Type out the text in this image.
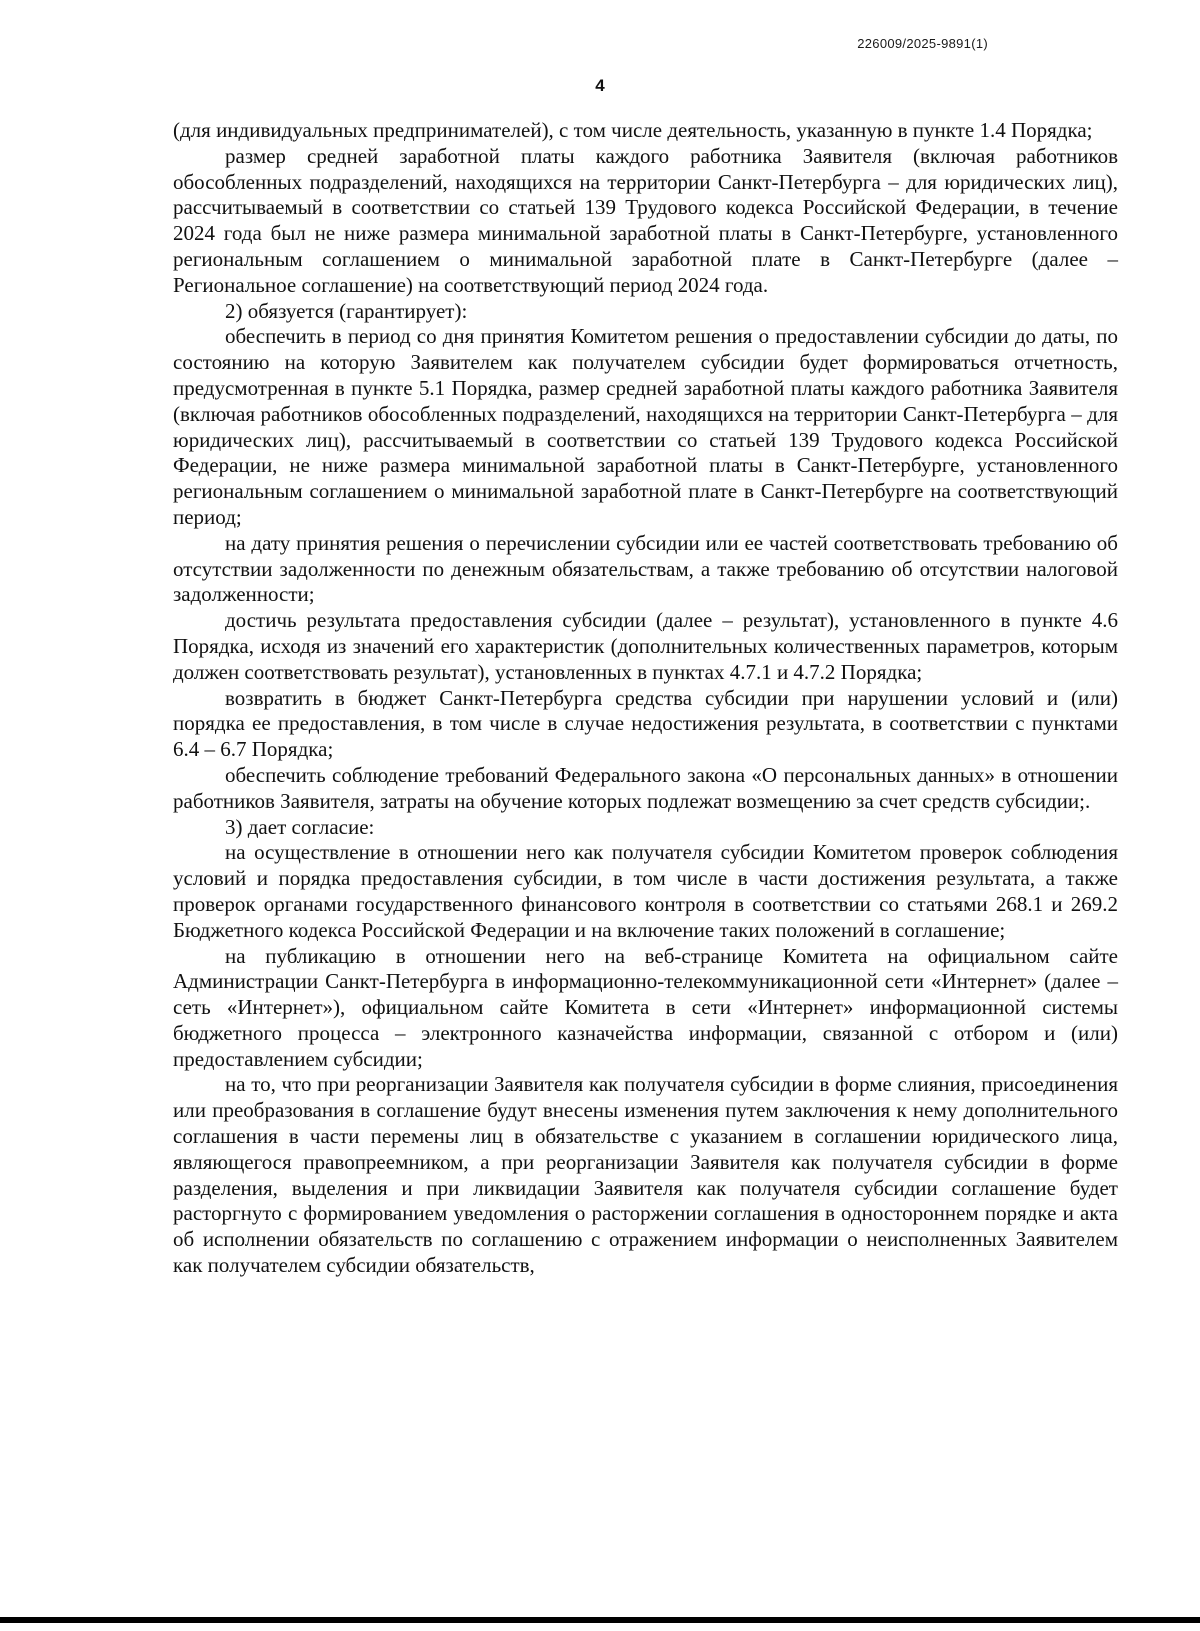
226009/2025-9891(1)
4

(для индивидуальных предпринимателей), с том числе деятельность, указанную в пункте 1.4 Порядка;

размер средней заработной платы каждого работника Заявителя (включая работников обособленных подразделений, находящихся на территории Санкт-Петербурга – для юридических лиц), рассчитываемый в соответствии со статьей 139 Трудового кодекса Российской Федерации, в течение 2024 года был не ниже размера минимальной заработной платы в Санкт-Петербурге, установленного региональным соглашением о минимальной заработной плате в Санкт-Петербурге (далее – Региональное соглашение) на соответствующий период 2024 года.

2) обязуется (гарантирует):

обеспечить в период со дня принятия Комитетом решения о предоставлении субсидии до даты, по состоянию на которую Заявителем как получателем субсидии будет формироваться отчетность, предусмотренная в пункте 5.1 Порядка, размер средней заработной платы каждого работника Заявителя (включая работников обособленных подразделений, находящихся на территории Санкт-Петербурга – для юридических лиц), рассчитываемый в соответствии со статьей 139 Трудового кодекса Российской Федерации, не ниже размера минимальной заработной платы в Санкт-Петербурге, установленного региональным соглашением о минимальной заработной плате в Санкт-Петербурге на соответствующий период;

на дату принятия решения о перечислении субсидии или ее частей соответствовать требованию об отсутствии задолженности по денежным обязательствам, а также требованию об отсутствии налоговой задолженности;

достичь результата предоставления субсидии (далее – результат), установленного в пункте 4.6 Порядка, исходя из значений его характеристик (дополнительных количественных параметров, которым должен соответствовать результат), установленных в пунктах 4.7.1 и 4.7.2 Порядка;

возвратить в бюджет Санкт-Петербурга средства субсидии при нарушении условий и (или) порядка ее предоставления, в том числе в случае недостижения результата, в соответствии с пунктами 6.4 – 6.7 Порядка;

обеспечить соблюдение требований Федерального закона «О персональных данных» в отношении работников Заявителя, затраты на обучение которых подлежат возмещению за счет средств субсидии;.

3) дает согласие:

на осуществление в отношении него как получателя субсидии Комитетом проверок соблюдения условий и порядка предоставления субсидии, в том числе в части достижения результата, а также проверок органами государственного финансового контроля в соответствии со статьями 268.1 и 269.2 Бюджетного кодекса Российской Федерации и на включение таких положений в соглашение;

на публикацию в отношении него на веб-странице Комитета на официальном сайте Администрации Санкт-Петербурга в информационно-телекоммуникационной сети «Интернет» (далее – сеть «Интернет»), официальном сайте Комитета в сети «Интернет» информационной системы бюджетного процесса – электронного казначейства информации, связанной с отбором и (или) предоставлением субсидии;

на то, что при реорганизации Заявителя как получателя субсидии в форме слияния, присоединения или преобразования в соглашение будут внесены изменения путем заключения к нему дополнительного соглашения в части перемены лиц в обязательстве с указанием в соглашении юридического лица, являющегося правопреемником, а при реорганизации Заявителя как получателя субсидии в форме разделения, выделения и при ликвидации Заявителя как получателя субсидии соглашение будет расторгнуто с формированием уведомления о расторжении соглашения в одностороннем порядке и акта об исполнении обязательств по соглашению с отражением информации о неисполненных Заявителем как получателем субсидии обязательств,
